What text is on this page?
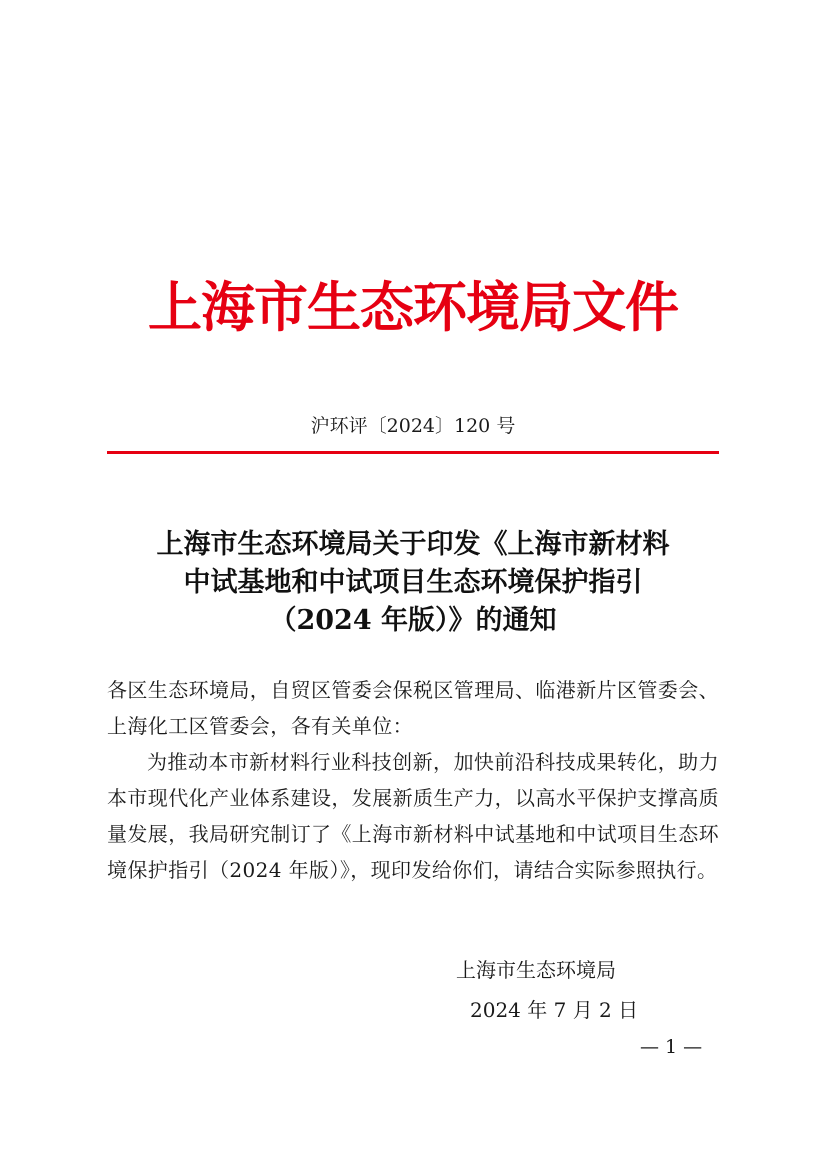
上海市生态环境局文件
沪环评〔2024〕120 号
上海市生态环境局关于印发《上海市新材料
中试基地和中试项目生态环境保护指引
（2024 年版）》的通知

各区生态环境局，自贸区管委会保税区管理局、临港新片区管委会、上海化工区管委会，各有关单位：

为推动本市新材料行业科技创新，加快前沿科技成果转化，助力本市现代化产业体系建设，发展新质生产力，以高水平保护支撑高质量发展，我局研究制订了《上海市新材料中试基地和中试项目生态环境保护指引（2024 年版）》，现印发给你们，请结合实际参照执行。

上海市生态环境局
2024 年 7 月 2 日
— 1 —
